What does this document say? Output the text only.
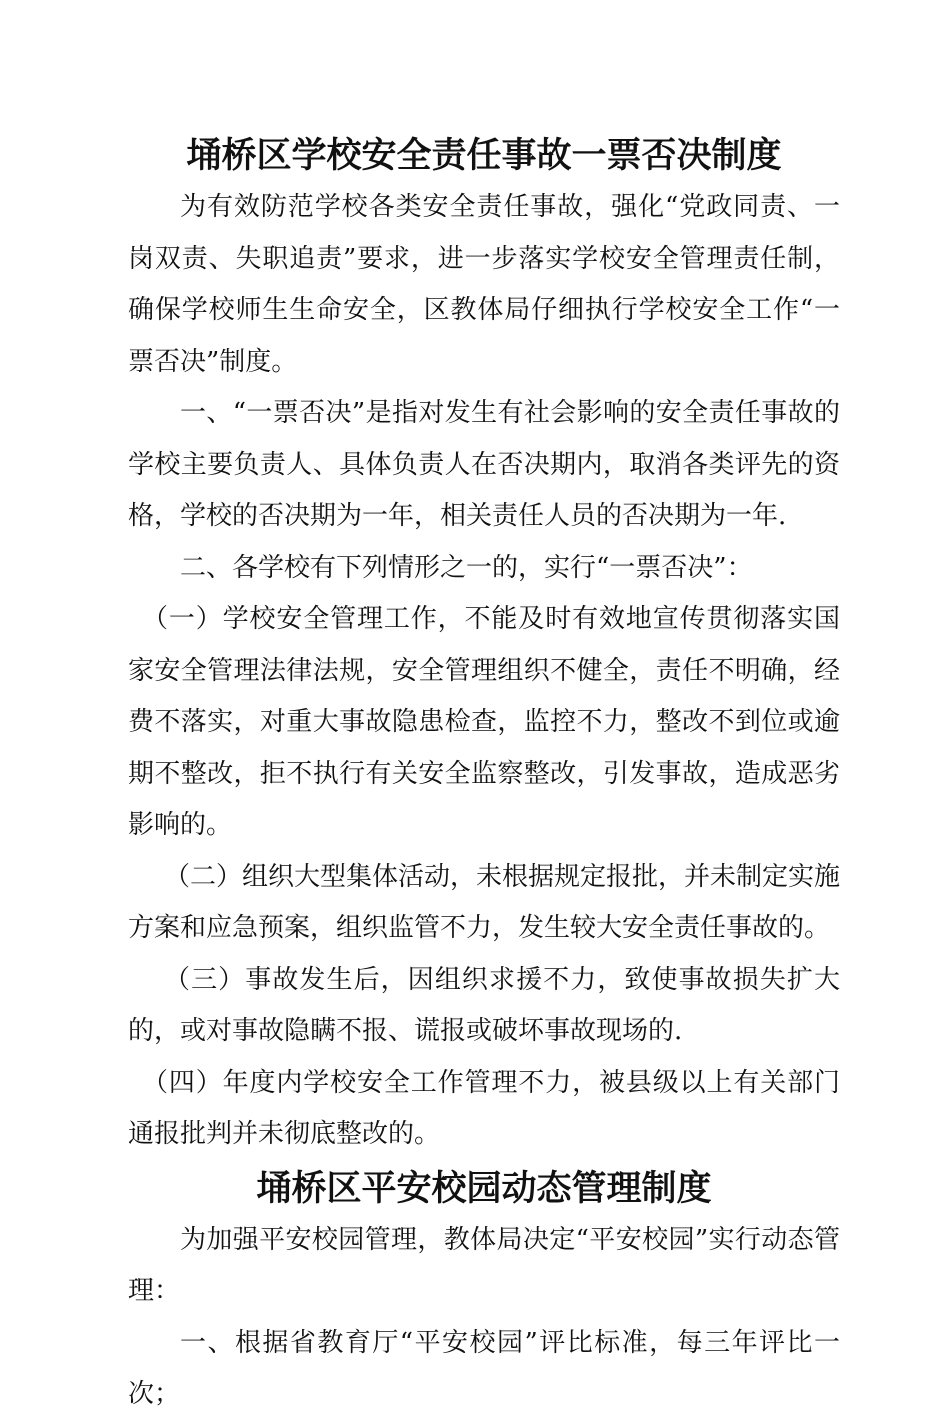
埇桥区学校安全责任事故一票否决制度

为有效防范学校各类安全责任事故，强化“党政同责、一岗双责、失职追责”要求，进一步落实学校安全管理责任制，确保学校师生生命安全，区教体局仔细执行学校安全工作“一票否决”制度。

一、“一票否决”是指对发生有社会影响的安全责任事故的学校主要负责人、具体负责人在否决期内，取消各类评先的资格，学校的否决期为一年，相关责任人员的否决期为一年.

二、各学校有下列情形之一的，实行“一票否决”：

（一）学校安全管理工作，不能及时有效地宣传贯彻落实国家安全管理法律法规，安全管理组织不健全，责任不明确，经费不落实，对重大事故隐患检查，监控不力，整改不到位或逾期不整改，拒不执行有关安全监察整改，引发事故，造成恶劣影响的。

（二）组织大型集体活动，未根据规定报批，并未制定实施方案和应急预案，组织监管不力，发生较大安全责任事故的。

（三）事故发生后，因组织求援不力，致使事故损失扩大的，或对事故隐瞒不报、谎报或破坏事故现场的.

（四）年度内学校安全工作管理不力，被县级以上有关部门通报批判并未彻底整改的。

埇桥区平安校园动态管理制度

为加强平安校园管理，教体局决定“平安校园”实行动态管理：

一、根据省教育厅“平安校园”评比标准，每三年评比一次；
